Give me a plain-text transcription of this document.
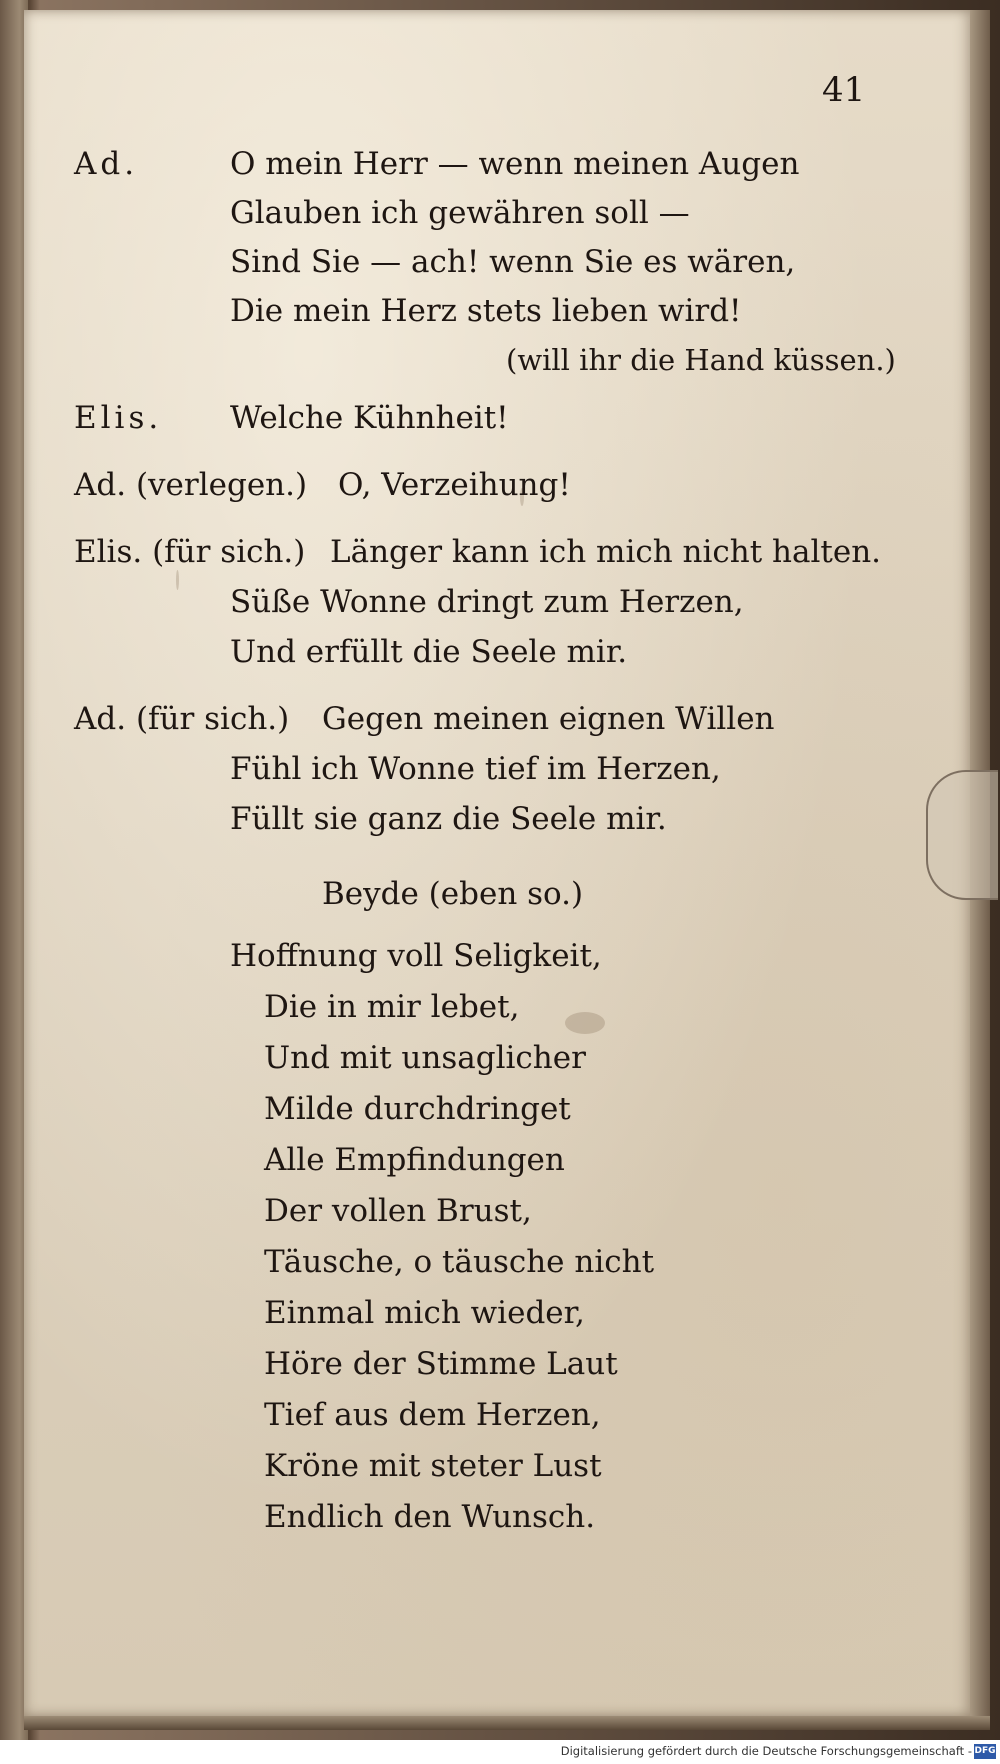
41
Ad.	O mein Herr — wenn meinen Augen
Glauben ich gewähren soll —
Sind Sie — ach! wenn Sie es wären,
Die mein Herz stets lieben wird!
(will ihr die Hand küssen.)
Elis. Welche Kühnheit!
Ad. (verlegen.) O, Verzeihung!
Elis. (für sich.) Länger kann ich mich nicht halten.
Süße Wonne dringt zum Herzen,
Und erfüllt die Seele mir.
Ad. (für sich.) Gegen meinen eignen Willen
Fühl ich Wonne tief im Herzen,
Füllt sie ganz die Seele mir.
Beyde (eben so.)
Hoffnung voll Seligkeit,
Die in mir lebet,
Und mit unsaglicher
Milde durchdringet
Alle Empfindungen
Der vollen Brust,
Täusche, o täusche nicht
Einmal mich wieder,
Höre der Stimme Laut
Tief aus dem Herzen,
Kröne mit steter Lust
Endlich den Wunsch.
Digitalisierung gefördert durch die Deutsche Forschungsgemeinschaft - DFG
